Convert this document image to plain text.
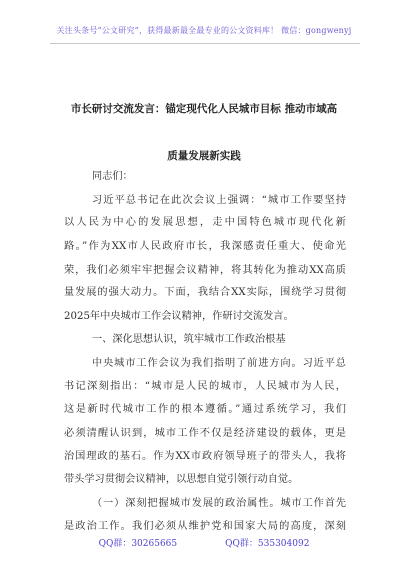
关注头条号“公文研究”，获得最新最全最专业的公文资料库！ 微信：gongwenyj
市长研讨交流发言：锚定现代化人民城市目标 推动市域高
质量发展新实践
同志们：
习近平总书记在此次会议上强调：“城市工作要坚持
以人民为中心的发展思想，走中国特色城市现代化新
路。”作为XX市人民政府市长，我深感责任重大、使命光
荣，我们必须牢牢把握会议精神，将其转化为推动XX高质
量发展的强大动力。下面，我结合XX实际，围绕学习贯彻
2025年中央城市工作会议精神，作研讨交流发言。
一、深化思想认识，筑牢城市工作政治根基
中央城市工作会议为我们指明了前进方向。习近平总
书记深刻指出：“城市是人民的城市，人民城市为人民，
这是新时代城市工作的根本遵循。”通过系统学习，我们
必须清醒认识到，城市工作不仅是经济建设的载体，更是
治国理政的基石。作为XX市政府领导班子的带头人，我将
带头学习贯彻会议精神，以思想自觉引领行动自觉。
（一）深刻把握城市发展的政治属性。城市工作首先
是政治工作。我们必须从维护党和国家大局的高度，深刻
QQ群：30265665	QQ群：535304092
